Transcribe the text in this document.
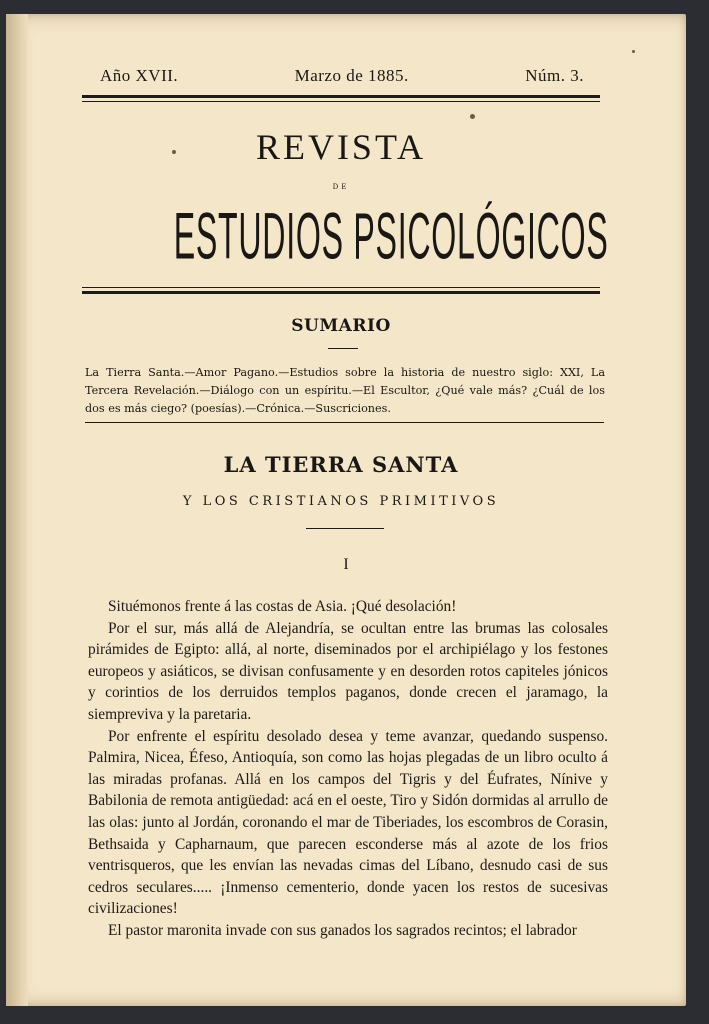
Año XVII.	Marzo de 1885.	Núm. 3.
REVISTA
DE
ESTUDIOS PSICOLÓGICOS
SUMARIO
La Tierra Santa.—Amor Pagano.—Estudios sobre la historia de nuestro siglo: XXI, La Tercera Revelación.—Diálogo con un espíritu.—El Escultor, ¿Qué vale más? ¿Cuál de los dos es más ciego? (poesías).—Crónica.—Suscriciones.
LA TIERRA SANTA
Y LOS CRISTIANOS PRIMITIVOS
I

Situémonos frente á las costas de Asia. ¡Qué desolación!

Por el sur, más allá de Alejandría, se ocultan entre las brumas las colosales pirámides de Egipto: allá, al norte, diseminados por el archipiélago y los festones europeos y asiáticos, se divisan confusamente y en desorden rotos capiteles jónicos y corintios de los derruidos templos paganos, donde crecen el jaramago, la siempreviva y la paretaria.

Por enfrente el espíritu desolado desea y teme avanzar, quedando suspenso. Palmira, Nicea, Éfeso, Antioquía, son como las hojas plegadas de un libro oculto á las miradas profanas. Allá en los campos del Tigris y del Éufrates, Nínive y Babilonia de remota antigüedad: acá en el oeste, Tiro y Sidón dormidas al arrullo de las olas: junto al Jordán, coronando el mar de Tiberiades, los escombros de Corasin, Bethsaida y Capharnaum, que parecen esconderse más al azote de los frios ventrisqueros, que les envían las nevadas cimas del Líbano, desnudo casi de sus cedros seculares..... ¡Inmenso cementerio, donde yacen los restos de sucesivas civilizaciones!

El pastor maronita invade con sus ganados los sagrados recintos; el labrador
